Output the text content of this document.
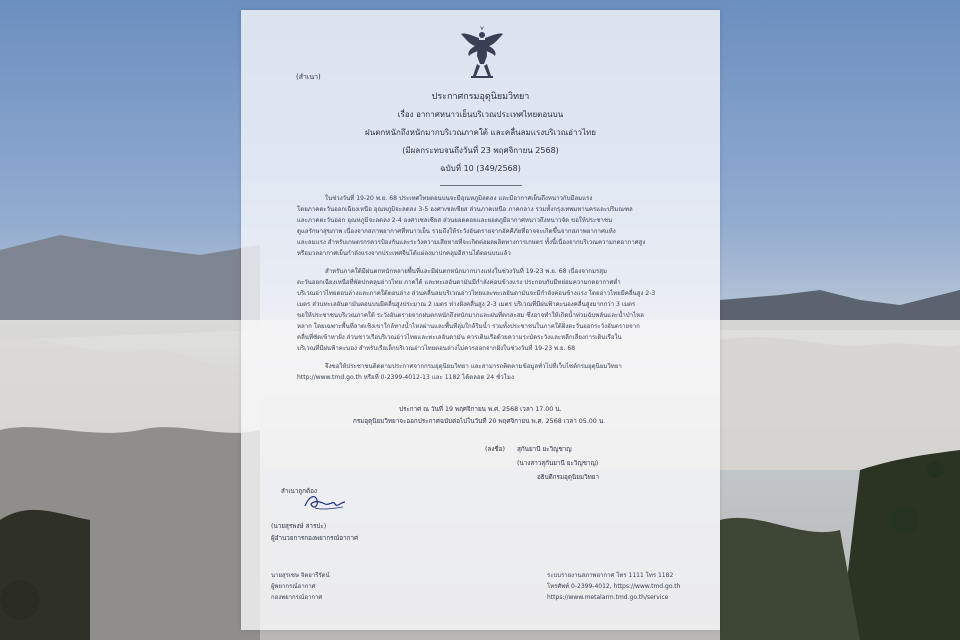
(สำเนา)
ประกาศกรมอุตุนิยมวิทยา
เรื่อง อากาศหนาวเย็นบริเวณประเทศไทยตอนบน
ฝนตกหนักถึงหนักมากบริเวณภาคใต้ และคลื่นลมแรงบริเวณอ่าวไทย
(มีผลกระทบจนถึงวันที่ 23 พฤศจิกายน 2568)
ฉบับที่ 10 (349/2568)
ในช่วงวันที่ 19-20 พ.ย. 68 ประเทศไทยตอนบนจะมีอุณหภูมิลดลง และมีอากาศเย็นถึงหนาวกับมีลมแรง
โดยภาคตะวันออกเฉียงเหนือ อุณหภูมิจะลดลง 3-5 องศาเซลเซียส ส่วนภาคเหนือ ภาคกลาง รวมทั้งกรุงเทพมหานครและปริมณฑล
และภาคตะวันออก อุณหภูมิจะลดลง 2-4 องศาเซลเซียส ส่วนยอดดอยและยอดภูมีอากาศหนาวถึงหนาวจัด ขอให้ประชาชน
ดูแลรักษาสุขภาพ เนื่องจากสภาพอากาศที่หนาวเย็น รวมถึงให้ระวังอันตรายจากอัคคีภัยที่อาจจะเกิดขึ้นจากสภาพอากาศแห้ง
และลมแรง สำหรับเกษตรกรควรป้องกันและระวังความเสียหายที่จะเกิดต่อผลผลิตทางการเกษตร ทั้งนี้เนื่องจากบริเวณความกดอากาศสูง
หรือมวลอากาศเย็นกำลังแรงจากประเทศจีนได้แผ่ลงมาปกคลุมอีสานได้ตอนบนแล้ว
สำหรับภาคใต้มีฝนตกหนักหลายพื้นที่และมีฝนตกหนักมากบางแห่งในช่วงวันที่ 19-23 พ.ย. 68 เนื่องจากมรสุม
ตะวันออกเฉียงเหนือที่พัดปกคลุมอ่าวไทย ภาคใต้ และทะเลอันดามันมีกำลังค่อนข้างแรง ประกอบกับมีหย่อมความกดอากาศต่ำ
บริเวณอ่าวไทยตอนล่างและภาคใต้ตอนล่าง ส่วนคลื่นลมบริเวณอ่าวไทยและทะเลอันดามันจะมีกำลังค่อนข้างแรง โดยอ่าวไทยมีคลื่นสูง 2-3
เมตร ส่วนทะเลอันดามันตอนบนมีคลื่นสูงประมาณ 2 เมตร ห่างฝั่งคลื่นสูง 2-3 เมตร บริเวณที่มีฝนฟ้าคะนองคลื่นสูงมากกว่า 3 เมตร
ขอให้ประชาชนบริเวณภาคใต้ ระวังอันตรายจากฝนตกหนักถึงหนักมากและฝนที่ตกสะสม ซึ่งอาจทำให้เกิดน้ำท่วมฉับพลันและน้ำป่าไหล
หลาก โดยเฉพาะพื้นที่ลาดเชิงเขาใกล้ทางน้ำไหลผ่านและพื้นที่ลุ่มใกล้ริมน้ำ รวมทั้งประชาชนในภาคใต้ฝั่งตะวันออกระวังอันตรายจาก
คลื่นที่ซัดเข้าหาฝั่ง ส่วนชาวเรือบริเวณอ่าวไทยและทะเลอันดามัน ควรเดินเรือด้วยความระมัดระวังและหลีกเลี่ยงการเดินเรือใน
บริเวณที่มีฝนฟ้าคะนอง สำหรับเรือเล็กบริเวณอ่าวไทยตอนล่างไม่ควรออกจากฝั่งในช่วงวันที่ 19-23 พ.ย. 68
จึงขอให้ประชาชนติดตามประกาศจากกรมอุตุนิยมวิทยา และสามารถติดตามข้อมูลทั่วไปที่เว็บไซต์กรมอุตุนิยมวิทยา
http://www.tmd.go.th หรือที่ 0-2399-4012-13 และ 1182 ได้ตลอด 24 ชั่วโมง
ประกาศ ณ วันที่ 19 พฤศจิกายน พ.ศ. 2568 เวลา 17.00 น.
กรมอุตุนิยมวิทยาจะออกประกาศฉบับต่อไปในวันที่ 20 พฤศจิกายน พ.ศ. 2568 เวลา 05.00 น.
(ลงชื่อ) สุกันยานี ยะวิญชาญ
(นางสาวสุกันยานี ยะวิญชาญ)
อธิบดีกรมอุตุนิยมวิทยา
สำเนาถูกต้อง
(นายสุรพงษ์ สารปะ)
ผู้อำนวยการกองพยากรณ์อากาศ
นายสุรเชษ จิตอารีรัตน์
ผู้พยากรณ์อากาศ
กองพยากรณ์อากาศ
ระบบรายงานสภาพอากาศ โทร 1111 โทร 1182
โทรศัพท์ 0-2399-4012, https://www.tmd.go.th
https://www.metalarm.tmd.go.th/service
